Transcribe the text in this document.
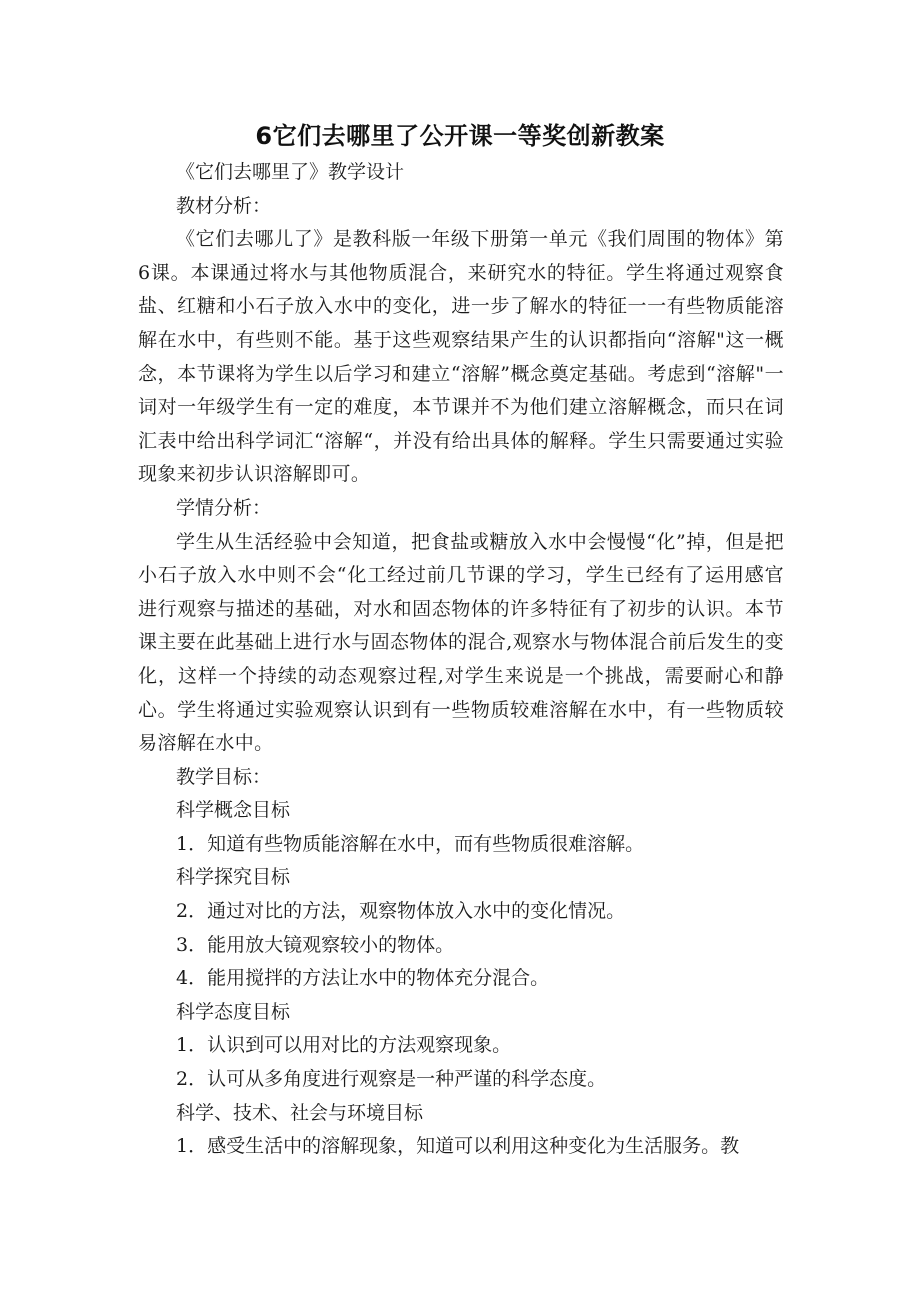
6它们去哪里了公开课一等奖创新教案

《它们去哪里了》教学设计

教材分析：

《它们去哪儿了》是教科版一年级下册第一单元《我们周围的物体》第6课。本课通过将水与其他物质混合，来研究水的特征。学生将通过观察食盐、红糖和小石子放入水中的变化，进一步了解水的特征一一有些物质能溶解在水中，有些则不能。基于这些观察结果产生的认识都指向“溶解"这一概念，本节课将为学生以后学习和建立“溶解”概念奠定基础。考虑到“溶解"一词对一年级学生有一定的难度，本节课并不为他们建立溶解概念，而只在词汇表中给出科学词汇“溶解“，并没有给出具体的解释。学生只需要通过实验现象来初步认识溶解即可。

学情分析：

学生从生活经验中会知道，把食盐或糖放入水中会慢慢“化”掉，但是把小石子放入水中则不会“化工经过前几节课的学习，学生已经有了运用感官进行观察与描述的基础，对水和固态物体的许多特征有了初步的认识。本节课主要在此基础上进行水与固态物体的混合,观察水与物体混合前后发生的变化，这样一个持续的动态观察过程,对学生来说是一个挑战，需要耐心和静心。学生将通过实验观察认识到有一些物质较难溶解在水中，有一些物质较易溶解在水中。

教学目标：

科学概念目标

1．知道有些物质能溶解在水中，而有些物质很难溶解。

科学探究目标

2．通过对比的方法，观察物体放入水中的变化情况。

3．能用放大镜观察较小的物体。

4．能用搅拌的方法让水中的物体充分混合。

科学态度目标

1．认识到可以用对比的方法观察现象。

2．认可从多角度进行观察是一种严谨的科学态度。

科学、技术、社会与环境目标

1．感受生活中的溶解现象，知道可以利用这种变化为生活服务。教
